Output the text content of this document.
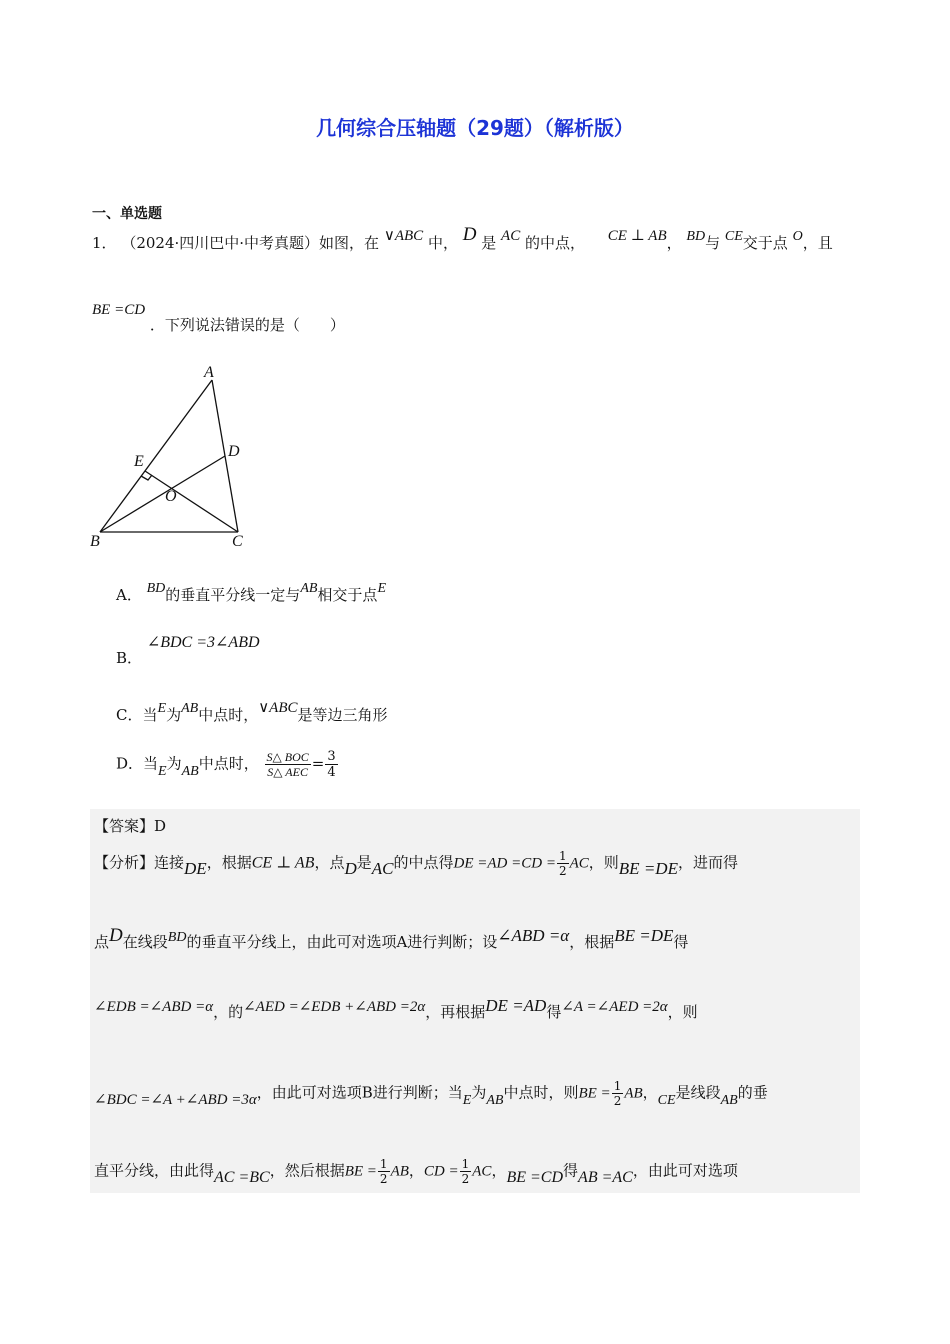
几何综合压轴题（29题）（解析版）
一、单选题
1． （2024·四川巴中·中考真题）如图，在 ∨ABC 中， D 是 AC 的中点， CE ⊥ AB， BD与 CE交于点 O，且
BE =CD ．下列说法错误的是（　　）
A
D
E
O
B	C
A． BD的垂直平分线一定与AB相交于点E
B． ∠BDC =3∠ABD
C．当E为AB中点时，∨ABC是等边三角形
D．当E为AB中点时， $\frac{\text{S△ BOC}}{\text{S△ AEC}} = \frac{3}{4}$
【答案】D
【分析】连接DE，根据CE ⊥ AB，点D是AC的中点得DE $=AD =CD = \frac{1}{2}$ AC，则BE =DE，进而得
点D在线段BD的垂直平分线上，由此可对选项A进行判断；设∠ABD =α，根据BE =DE得
∠EDB =∠ABD =α，的∠AED =∠EDB +∠ABD =2α，再根据DE =AD得∠A =∠AED =2α，则
∠BDC =∠A +∠ABD =3α，由此可对选项B进行判断；当E为AB中点时，则BE = $\frac{1}{2}$ AB，CE是线段AB的垂
直平分线，由此得AC =BC，然后根据BE = $\frac{1}{2}$ AB，CD = $\frac{1}{2}$ AC，BE =CD得AB =AC，由此可对选项
